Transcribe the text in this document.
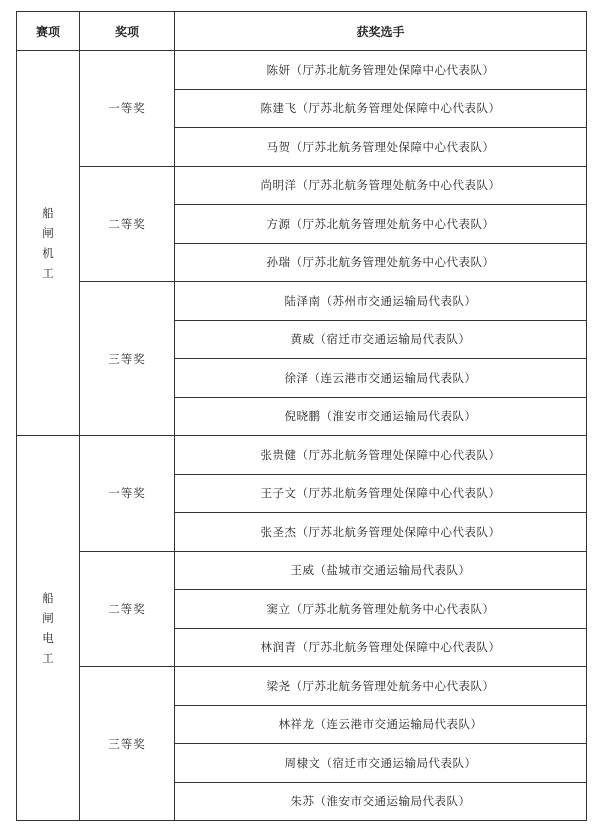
赛项	奖项	获奖选手

船
闸
机
工	一等奖	陈妍（厅苏北航务管理处保障中心代表队）
		陈建飞（厅苏北航务管理处保障中心代表队）
		马贺（厅苏北航务管理处保障中心代表队）
	二等奖	尚明洋（厅苏北航务管理处航务中心代表队）
		方源（厅苏北航务管理处航务中心代表队）
		孙瑞（厅苏北航务管理处航务中心代表队）
	三等奖	陆泽南（苏州市交通运输局代表队）
		黄威（宿迁市交通运输局代表队）
		徐泽（连云港市交通运输局代表队）
		倪晓鹏（淮安市交通运输局代表队）

船
闸
电
工	一等奖	张贵健（厅苏北航务管理处保障中心代表队）
		王子文（厅苏北航务管理处保障中心代表队）
		张圣杰（厅苏北航务管理处保障中心代表队）
	二等奖	王威（盐城市交通运输局代表队）
		窦立（厅苏北航务管理处航务中心代表队）
		林润青（厅苏北航务管理处保障中心代表队）
	三等奖	梁尧（厅苏北航务管理处航务中心代表队）
		林祥龙（连云港市交通运输局代表队）
		周棣文（宿迁市交通运输局代表队）
		朱苏（淮安市交通运输局代表队）
